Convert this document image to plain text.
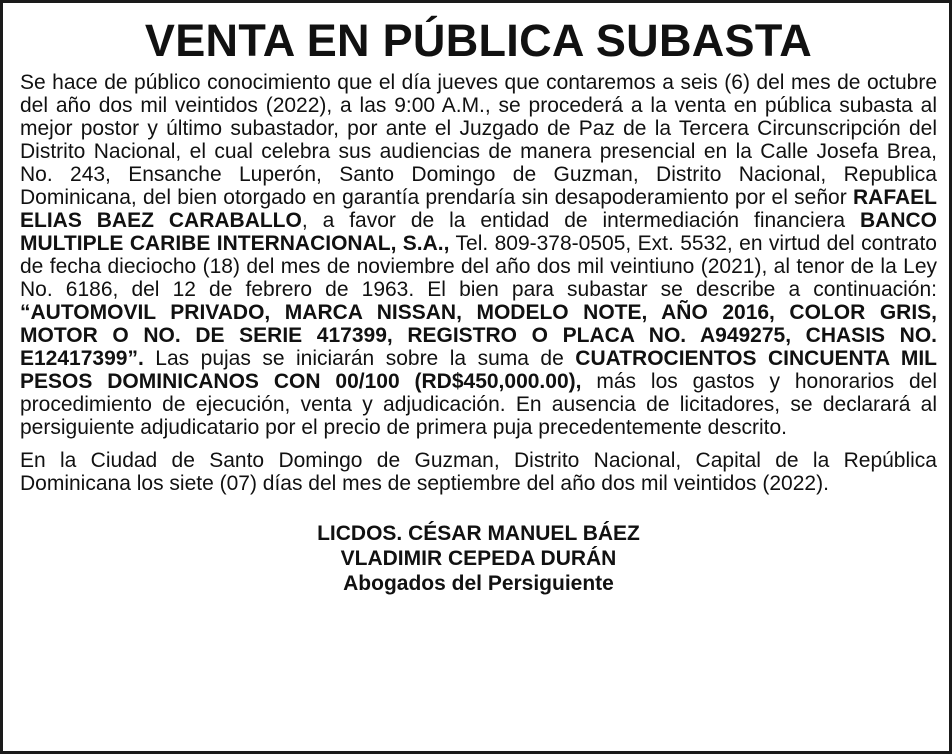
VENTA EN PÚBLICA SUBASTA

Se hace de público conocimiento que el día jueves que contaremos a seis (6) del mes de octubre del año dos mil veintidos (2022), a las 9:00 A.M., se procederá a la venta en pública subasta al mejor postor y último subastador, por ante el Juzgado de Paz de la Tercera Circunscripción del Distrito Nacional, el cual celebra sus audiencias de manera presencial en la Calle Josefa Brea, No. 243, Ensanche Luperón, Santo Domingo de Guzman, Distrito Nacional, Republica Dominicana, del bien otorgado en garantía prendaría sin desapoderamiento por el señor RAFAEL ELIAS BAEZ CARABALLO, a favor de la entidad de intermediación financiera BANCO MULTIPLE CARIBE INTERNACIONAL, S.A., Tel. 809-378-0505, Ext. 5532, en virtud del contrato de fecha dieciocho (18) del mes de noviembre del año dos mil veintiuno (2021), al tenor de la Ley No. 6186, del 12 de febrero de 1963. El bien para subastar se describe a continuación: “AUTOMOVIL PRIVADO, MARCA NISSAN, MODELO NOTE, AÑO 2016, COLOR GRIS, MOTOR O NO. DE SERIE 417399, REGISTRO O PLACA NO. A949275, CHASIS NO. E12417399”. Las pujas se iniciarán sobre la suma de CUATROCIENTOS CINCUENTA MIL PESOS DOMINICANOS CON 00/100 (RD$450,000.00), más los gastos y honorarios del procedimiento de ejecución, venta y adjudicación. En ausencia de licitadores, se declarará al persiguiente adjudicatario por el precio de primera puja precedentemente descrito.

En la Ciudad de Santo Domingo de Guzman, Distrito Nacional, Capital de la República Dominicana los siete (07) días del mes de septiembre del año dos mil veintidos (2022).

LICDOS. CÉSAR MANUEL BÁEZ
VLADIMIR CEPEDA DURÁN
Abogados del Persiguiente
